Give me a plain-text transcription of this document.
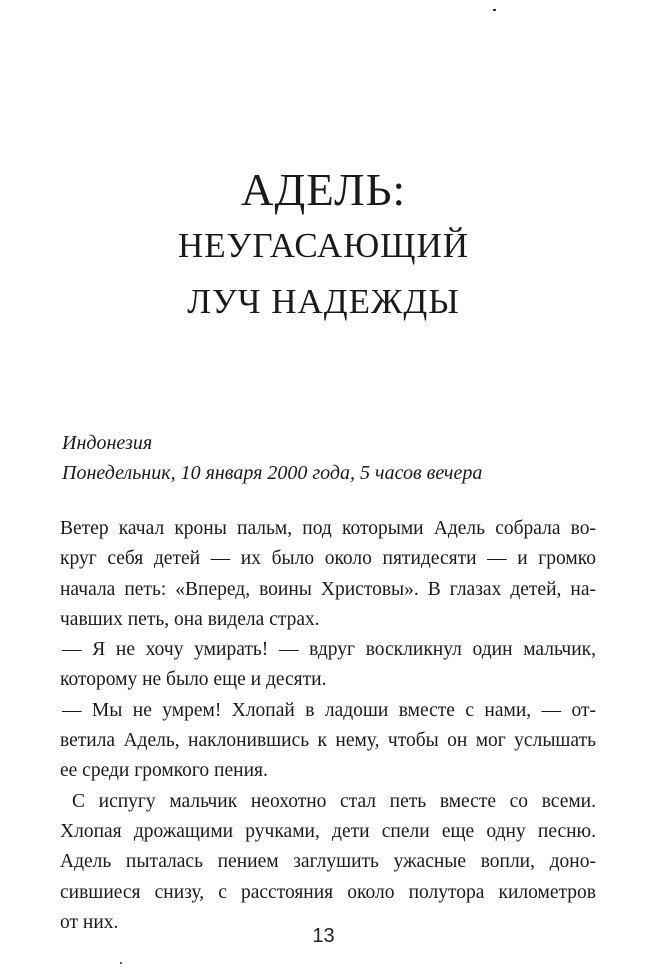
АДЕЛЬ:
НЕУГАСАЮЩИЙ
ЛУЧ НАДЕЖДЫ
Индонезия
Понедельник, 10 января 2000 года, 5 часов вечера
Ветер качал кроны пальм, под которыми Адель собрала во-
круг себя детей — их было около пятидесяти — и громко
начала петь: «Вперед, воины Христовы». В глазах детей, на-
чавших петь, она видела страх.
— Я не хочу умирать! — вдруг воскликнул один мальчик,
которому не было еще и десяти.
— Мы не умрем! Хлопай в ладоши вместе с нами, — от-
ветила Адель, наклонившись к нему, чтобы он мог услышать
ее среди громкого пения.
С испугу мальчик неохотно стал петь вместе со всеми.
Хлопая дрожащими ручками, дети спели еще одну песню.
Адель пыталась пением заглушить ужасные вопли, доно-
сившиеся снизу, с расстояния около полутора километров
от них.
13
